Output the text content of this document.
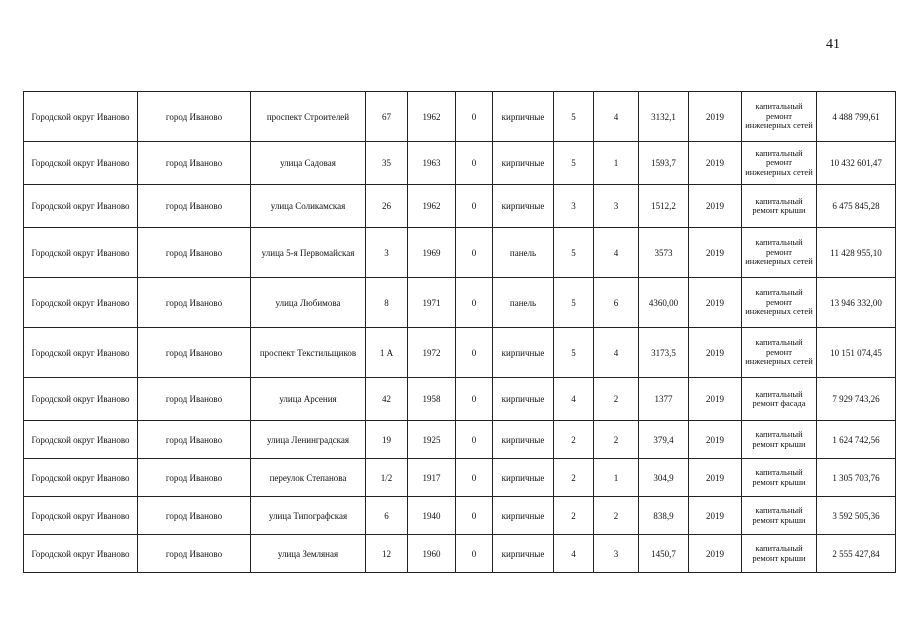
41
Городской округ Иваново	город Иваново	проспект Строителей	67	1962	0	кирпичные	5	4	3132,1	2019	капитальный ремонт инженерных сетей	4 488 799,61
Городской округ Иваново	город Иваново	улица Садовая	35	1963	0	кирпичные	5	1	1593,7	2019	капитальный ремонт инженерных сетей	10 432 601,47
Городской округ Иваново	город Иваново	улица Соликамская	26	1962	0	кирпичные	3	3	1512,2	2019	капитальный ремонт крыши	6 475 845,28
Городской округ Иваново	город Иваново	улица 5-я Первомайская	3	1969	0	панель	5	4	3573	2019	капитальный ремонт инженерных сетей	11 428 955,10
Городской округ Иваново	город Иваново	улица Любимова	8	1971	0	панель	5	6	4360,00	2019	капитальный ремонт инженерных сетей	13 946 332,00
Городской округ Иваново	город Иваново	проспект Текстильщиков	1 А	1972	0	кирпичные	5	4	3173,5	2019	капитальный ремонт инженерных сетей	10 151 074,45
Городской округ Иваново	город Иваново	улица Арсения	42	1958	0	кирпичные	4	2	1377	2019	капитальный ремонт фасада	7 929 743,26
Городской округ Иваново	город Иваново	улица Ленинградская	19	1925	0	кирпичные	2	2	379,4	2019	капитальный ремонт крыши	1 624 742,56
Городской округ Иваново	город Иваново	переулок Степанова	1/2	1917	0	кирпичные	2	1	304,9	2019	капитальный ремонт крыши	1 305 703,76
Городской округ Иваново	город Иваново	улица Типографская	6	1940	0	кирпичные	2	2	838,9	2019	капитальный ремонт крыши	3 592 505,36
Городской округ Иваново	город Иваново	улица Земляная	12	1960	0	кирпичные	4	3	1450,7	2019	капитальный ремонт крыши	2 555 427,84
